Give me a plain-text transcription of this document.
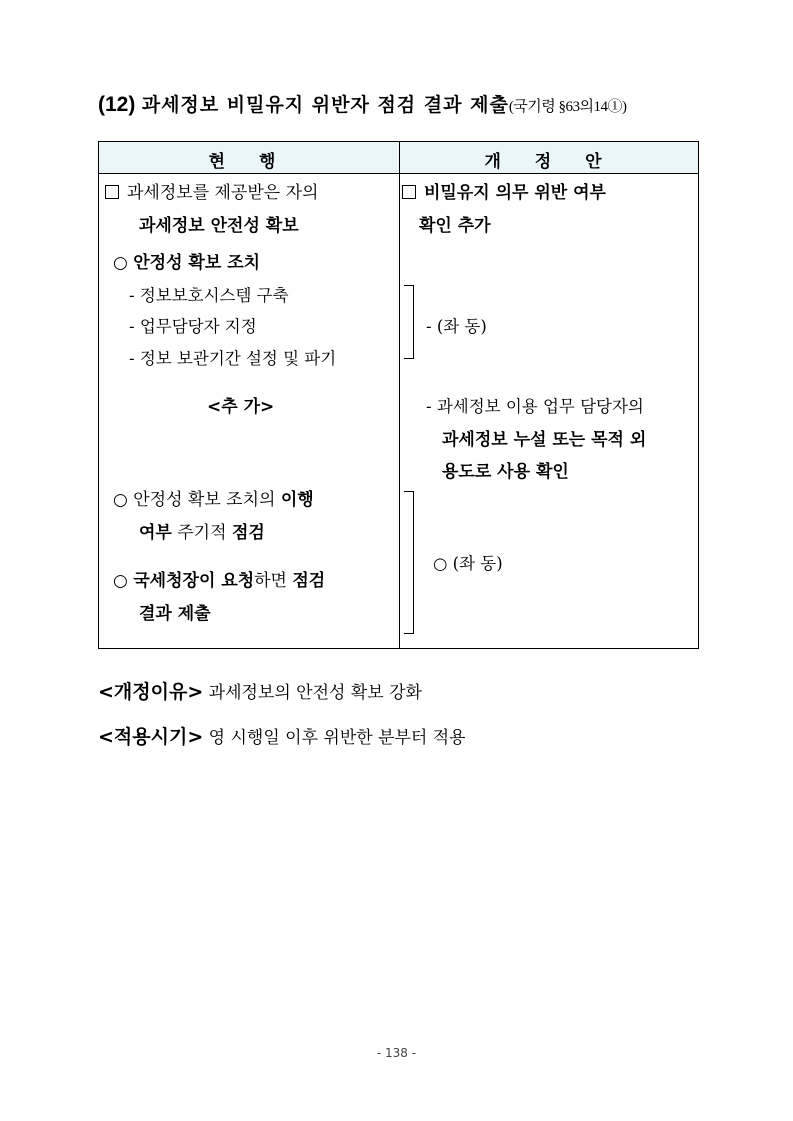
(12) 과세정보 비밀유지 위반자 점검 결과 제출(국기령 §63의14①)
현 행	개 정 안
과세정보를 제공받은 자의
과세정보 안전성 확보
○ 안정성 확보 조치
- 정보보호시스템 구축
- 업무담당자 지정
- 정보 보관기간 설정 및 파기
<추 가>
○ 안정성 확보 조치의 이행
여부 주기적 점검
○ 국세청장이 요청하면 점검
결과 제출
비밀유지 의무 위반 여부
확인 추가
- (좌 동)
- 과세정보 이용 업무 담당자의
과세정보 누설 또는 목적 외
용도로 사용 확인
○ (좌 동)
<개정이유> 과세정보의 안전성 확보 강화
<적용시기> 영 시행일 이후 위반한 분부터 적용
- 138 -
